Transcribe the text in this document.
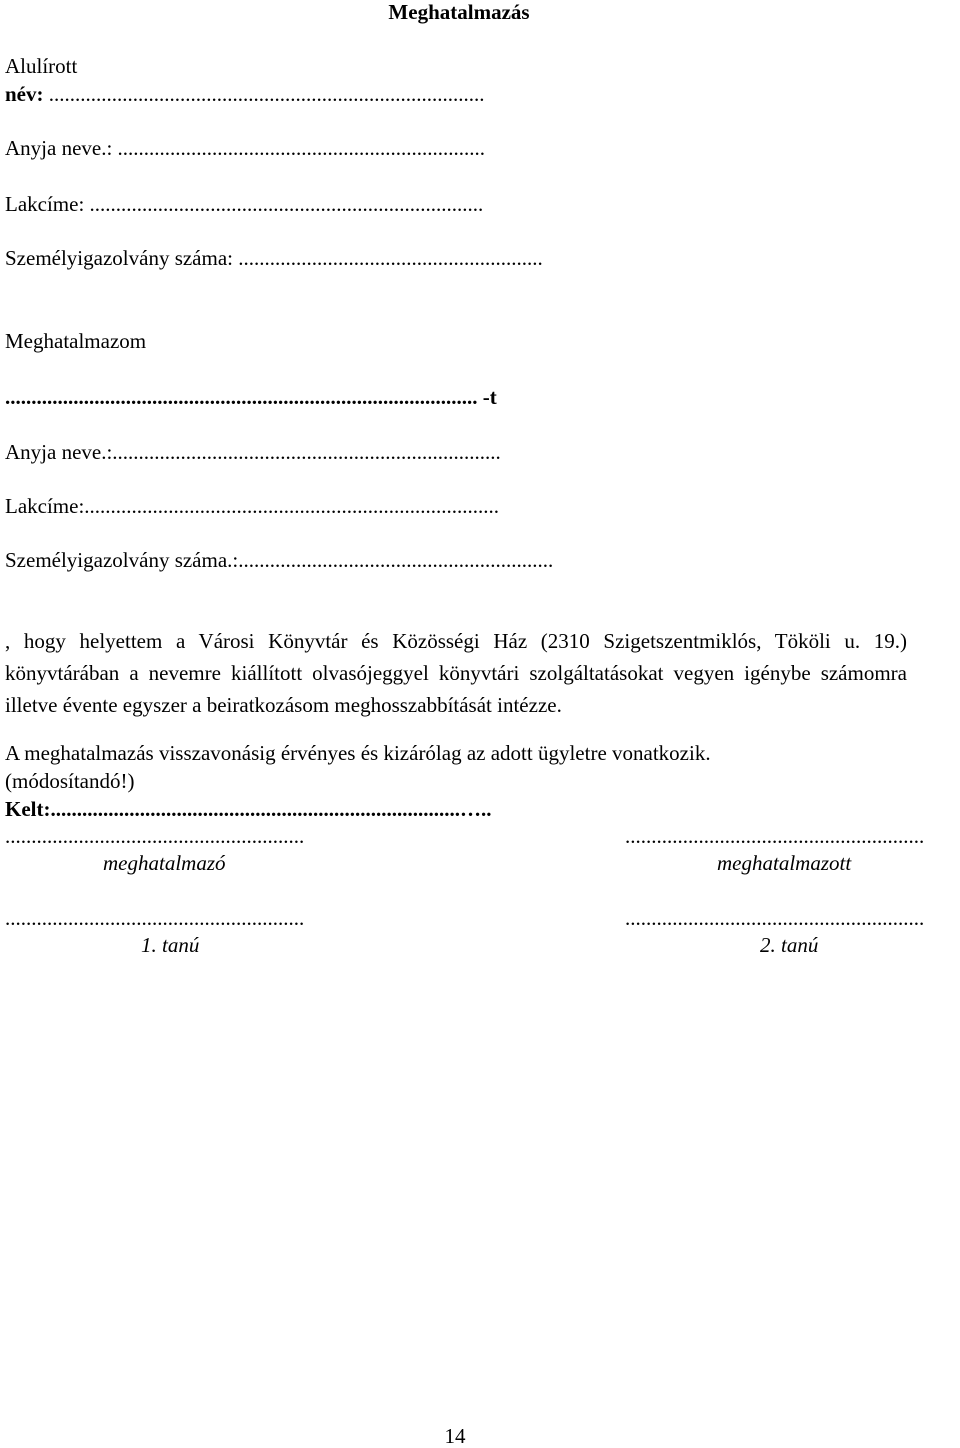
Meghatalmazás
Alulírott
név: ...................................................................................
Anyja neve.: ......................................................................
Lakcíme: ...........................................................................
Személyigazolvány száma: ..........................................................
Meghatalmazom
.......................................................................................... -t
Anyja neve.:..........................................................................
Lakcíme:...............................................................................
Személyigazolvány száma.:............................................................
, hogy helyettem a Városi Könyvtár és Közösségi Ház (2310 Szigetszentmiklós, Tököli u. 19.) könyvtárában a nevemre kiállított olvasójeggyel könyvtári szolgáltatásokat vegyen igénybe számomra illetve évente egyszer a beiratkozásom meghosszabbítását intézze.
A meghatalmazás visszavonásig érvényes és kizárólag az adott ügyletre vonatkozik.
(módosítandó!)
Kelt:..............................................................................…..
.........................................................	.........................................................
meghatalmazó	meghatalmazott
.........................................................	.........................................................
1. tanú	2. tanú
14
